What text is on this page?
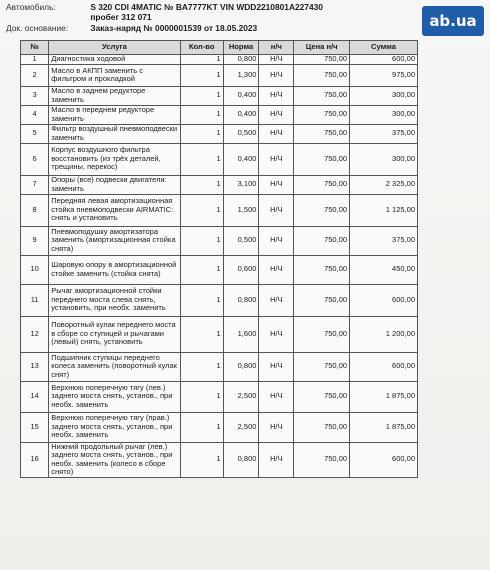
Автомобиль:	S 320 CDI 4MATIC № BA7777KT VIN WDD2210801A227430
пробег 312 071
Док. основание:	Заказ-наряд № 0000001539 от 18.05.2023	ab.ua
№	Услуга	Кол-во	Норма	н/ч	Цена н/ч	Сумма
1	Диагностика ходовой	1	0,800	Н/Ч	750,00	600,00
2	Масло в АКПП заменить с фильтром и прокладкой	1	1,300	Н/Ч	750,00	975,00
3	Масло в заднем редукторе заменить	1	0,400	Н/Ч	750,00	300,00
4	Масло в переднем редукторе заменить	1	0,400	Н/Ч	750,00	300,00
5	Фильтр воздушный пневмоподвески заменить	1	0,500	Н/Ч	750,00	375,00
6	Корпус воздушного фильтра восстановить (из трёх деталей, трещины, перекос)	1	0,400	Н/Ч	750,00	300,00
7	Опоры (все) подвески двигателя: заменить	1	3,100	Н/Ч	750,00	2 325,00
8	Передняя левая амортизационная стойка пневмоподвески AIRMATIC: снять и установить	1	1,500	Н/Ч	750,00	1 125,00
9	Пневмоподушку амортизатора заменить (амортизационная стойка снята)	1	0,500	Н/Ч	750,00	375,00
10	Шаровую опору в амортизационной стойке заменить (стойка снята)	1	0,600	Н/Ч	750,00	450,00
11	Рычаг амортизационной стойки переднего моста слева снять, установить, при необх. заменить	1	0,800	Н/Ч	750,00	600,00
12	Поворотный кулак переднего моста в сборе со ступицей и рычагами (левый) снять, установить	1	1,600	Н/Ч	750,00	1 200,00
13	Подшипник ступицы переднего колеса заменить (поворотный кулак снят)	1	0,800	Н/Ч	750,00	600,00
14	Верхнюю поперечную тягу (лев.) заднего моста снять, установ., при необх. заменить	1	2,500	Н/Ч	750,00	1 875,00
15	Верхнюю поперечную тягу (прав.) заднего моста снять, установ., при необх. заменить	1	2,500	Н/Ч	750,00	1 875,00
16	Нижний продольный рычаг (лев.) заднего моста снять, установ., при необх. заменить (колесо в сборе снято)	1	0,800	Н/Ч	750,00	600,00
